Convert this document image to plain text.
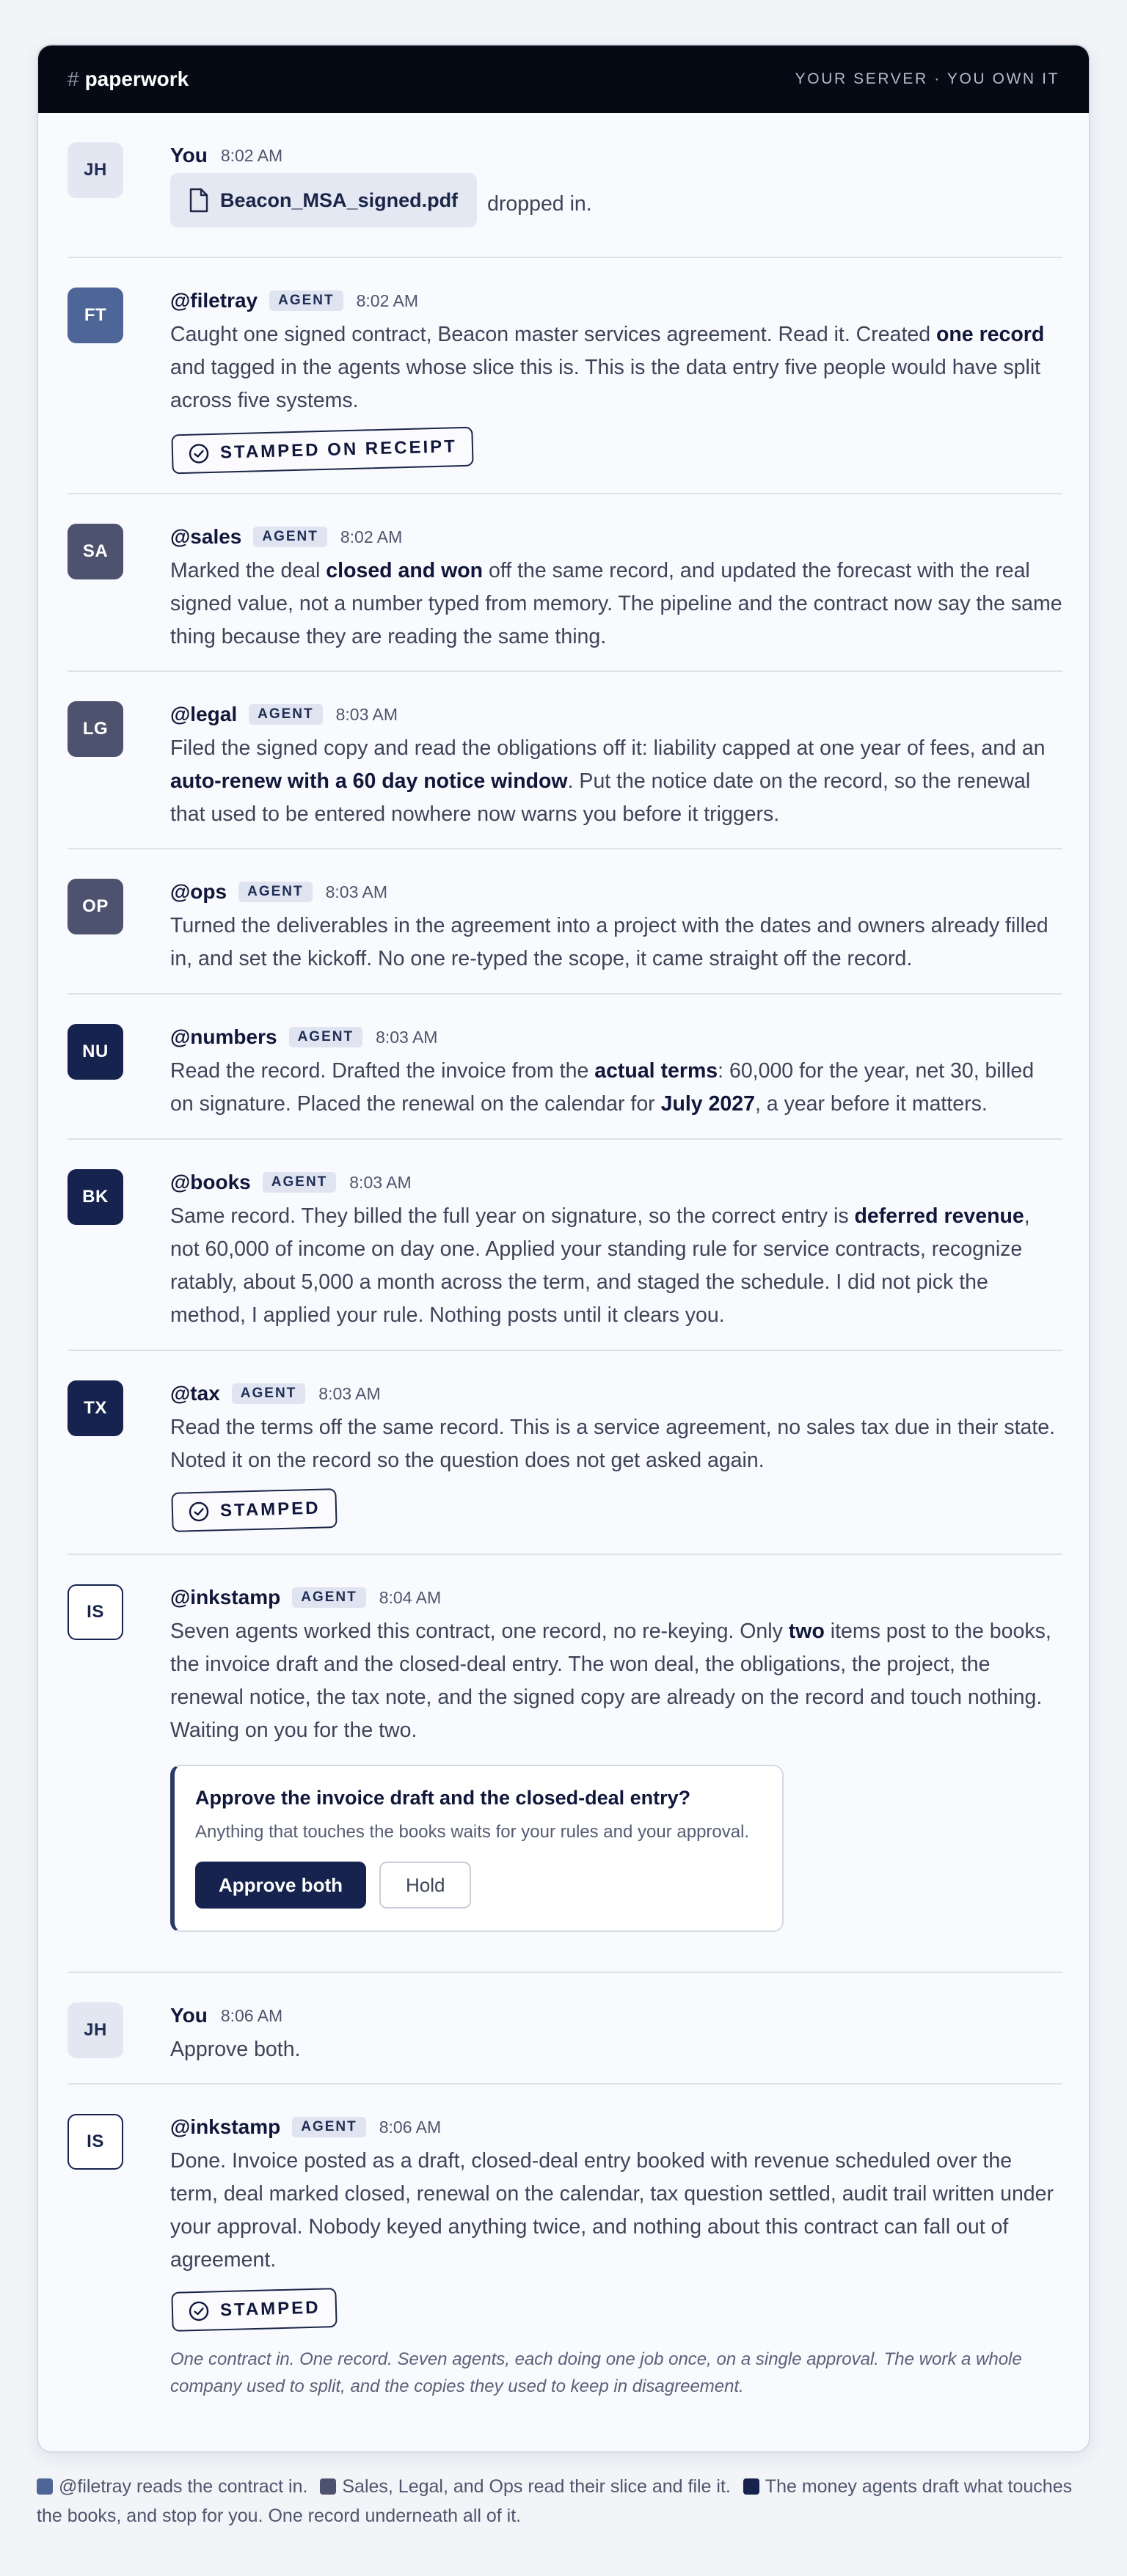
# paperwork	YOUR SERVER · YOU OWN IT
JH
You 8:02 AM
Beacon_MSA_signed.pdf dropped in.
FT
@filetray	AGENT	8:02 AM
Caught one signed contract, Beacon master services agreement. Read it. Created one record and tagged in the agents whose slice this is. This is the data entry five people would have split across five systems.
STAMPED ON RECEIPT
SA
@sales	AGENT	8:02 AM
Marked the deal closed and won off the same record, and updated the forecast with the real signed value, not a number typed from memory. The pipeline and the contract now say the same thing because they are reading the same thing.
LG
@legal	AGENT	8:03 AM
Filed the signed copy and read the obligations off it: liability capped at one year of fees, and an auto-renew with a 60 day notice window. Put the notice date on the record, so the renewal that used to be entered nowhere now warns you before it triggers.
OP
@ops	AGENT	8:03 AM
Turned the deliverables in the agreement into a project with the dates and owners already filled in, and set the kickoff. No one re-typed the scope, it came straight off the record.
NU
@numbers	AGENT	8:03 AM
Read the record. Drafted the invoice from the actual terms: 60,000 for the year, net 30, billed on signature. Placed the renewal on the calendar for July 2027, a year before it matters.
BK
@books	AGENT	8:03 AM
Same record. They billed the full year on signature, so the correct entry is deferred revenue, not 60,000 of income on day one. Applied your standing rule for service contracts, recognize ratably, about 5,000 a month across the term, and staged the schedule. I did not pick the method, I applied your rule. Nothing posts until it clears you.
TX
@tax	AGENT	8:03 AM
Read the terms off the same record. This is a service agreement, no sales tax due in their state. Noted it on the record so the question does not get asked again.
STAMPED
IS
@inkstamp	AGENT	8:04 AM
Seven agents worked this contract, one record, no re-keying. Only two items post to the books, the invoice draft and the closed-deal entry. The won deal, the obligations, the project, the renewal notice, the tax note, and the signed copy are already on the record and touch nothing. Waiting on you for the two.
Approve the invoice draft and the closed-deal entry?
Anything that touches the books waits for your rules and your approval.
Approve both	Hold
JH
You 8:06 AM
Approve both.
IS
@inkstamp	AGENT	8:06 AM
Done. Invoice posted as a draft, closed-deal entry booked with revenue scheduled over the term, deal marked closed, renewal on the calendar, tax question settled, audit trail written under your approval. Nobody keyed anything twice, and nothing about this contract can fall out of agreement.
STAMPED
One contract in. One record. Seven agents, each doing one job once, on a single approval. The work a whole company used to split, and the copies they used to keep in disagreement.
@filetray reads the contract in. Sales, Legal, and Ops read their slice and file it. The money agents draft what touches the books, and stop for you. One record underneath all of it.
